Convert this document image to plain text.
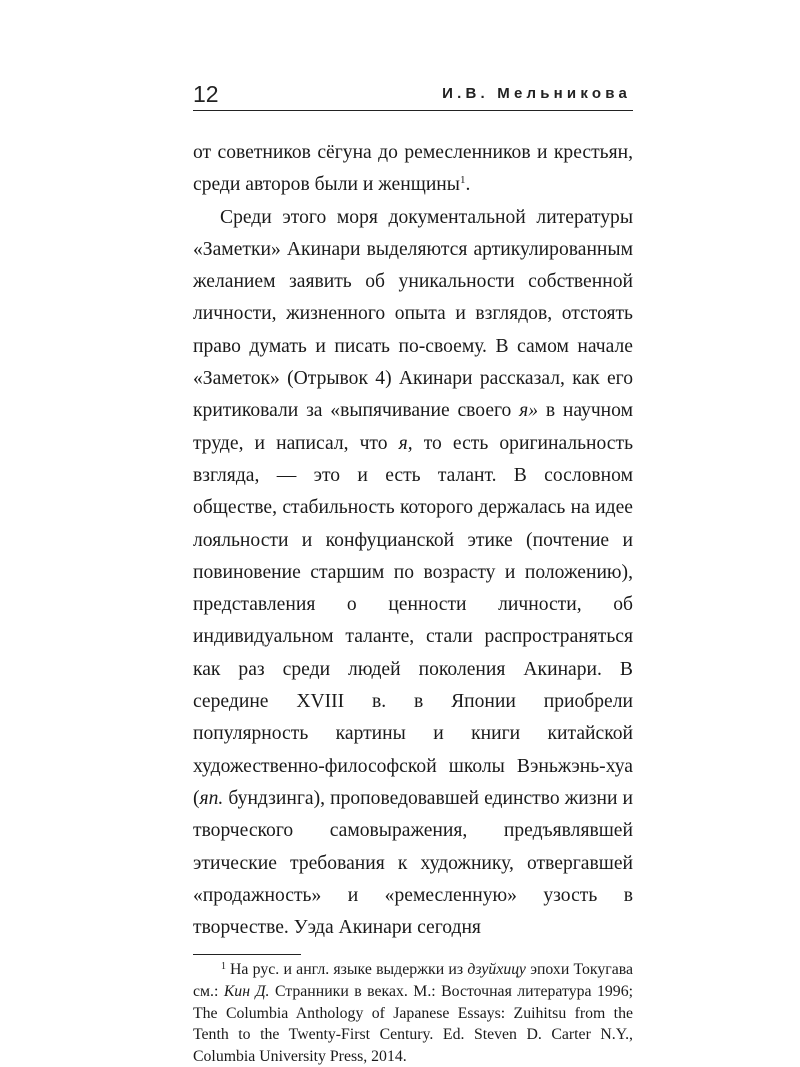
12	И.В. Мельникова

от советников сёгуна до ремесленников и крестьян, среди авторов были и женщины$^1$.

Среди этого моря документальной литературы «Заметки» Акинари выделяются артикулированным желанием заявить об уникальности собственной личности, жизненного опыта и взглядов, отстоять право думать и писать по-своему. В самом начале «Заметок» (Отрывок 4) Акинари рассказал, как его критиковали за «выпячивание своего я» в научном труде, и написал, что я, то есть оригинальность взгляда, — это и есть талант. В сословном обществе, стабильность которого держалась на идее лояльности и конфуцианской этике (почтение и повиновение старшим по возрасту и положению), представления о ценности личности, об индивидуальном таланте, стали распространяться как раз среди людей поколения Акинари. В середине XVIII в. в Японии приобрели популярность картины и книги китайской художественно-философской школы Вэньжэнь-хуа (яп. бундзинга), проповедовавшей единство жизни и творческого самовыражения, предъявлявшей этические требования к художнику, отвергавшей «продажность» и «ремесленную» узость в творчестве. Уэда Акинари сегодня

$^1$ На рус. и англ. языке выдержки из дзуйхицу эпохи Токугава см.: Кин Д. Странники в веках. М.: Восточная литература 1996; The Columbia Anthology of Japanese Essays: Zuihitsu from the Tenth to the Twenty-First Century. Ed. Steven D. Carter N.Y., Columbia University Press, 2014.
